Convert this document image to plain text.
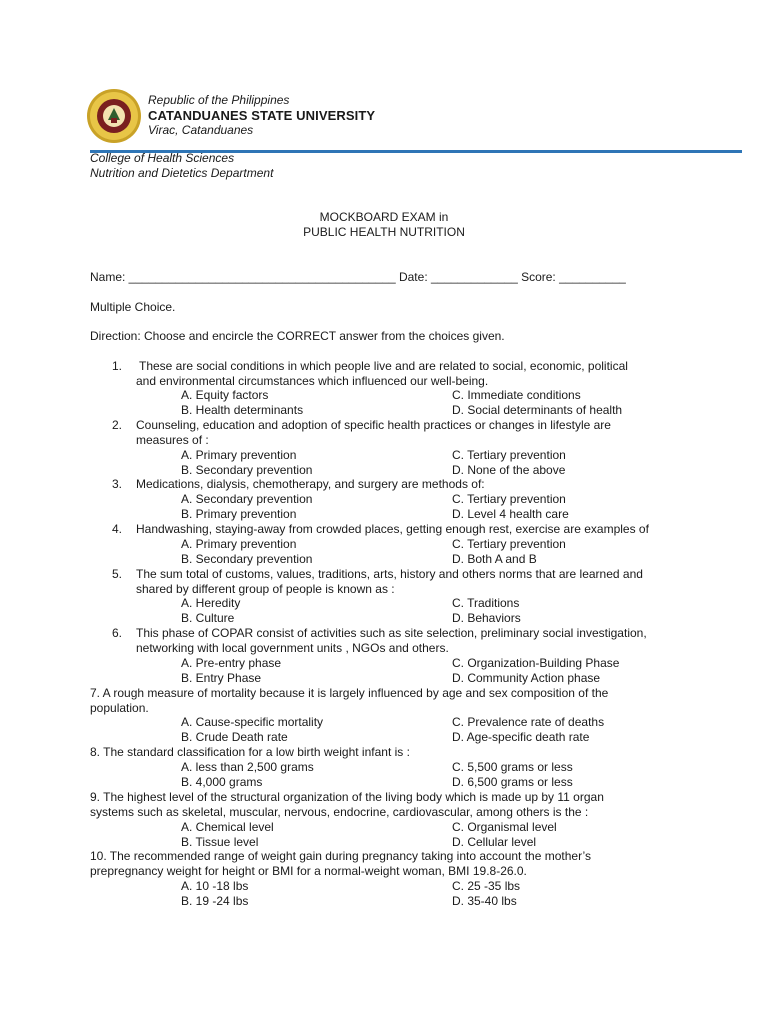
Republic of the Philippines
CATANDUANES STATE UNIVERSITY
Virac, Catanduanes
College of Health Sciences
Nutrition and Dietetics Department
MOCKBOARD EXAM in
PUBLIC HEALTH NUTRITION
Name: ________________________________________ Date: _____________ Score: __________
Multiple Choice.
Direction: Choose and encircle the CORRECT answer from the choices given.
1. These are social conditions in which people live and are related to social, economic, political
and environmental circumstances which influenced our well-being.
A. Equity factors	C. Immediate conditions
B. Health determinants	D. Social determinants of health
2. Counseling, education and adoption of specific health practices or changes in lifestyle are
measures of :
A. Primary prevention	C. Tertiary prevention
B. Secondary prevention	D. None of the above
3. Medications, dialysis, chemotherapy, and surgery are methods of:
A. Secondary prevention	C. Tertiary prevention
B. Primary prevention	D. Level 4 health care
4. Handwashing, staying-away from crowded places, getting enough rest, exercise are examples of
A. Primary prevention	C. Tertiary prevention
B. Secondary prevention	D. Both A and B
5. The sum total of customs, values, traditions, arts, history and others norms that are learned and
shared by different group of people is known as :
A. Heredity	C. Traditions
B. Culture	D. Behaviors
6. This phase of COPAR consist of activities such as site selection, preliminary social investigation,
networking with local government units , NGOs and others.
A. Pre-entry phase	C. Organization-Building Phase
B. Entry Phase	D. Community Action phase
7. A rough measure of mortality because it is largely influenced by age and sex composition of the
population.
A. Cause-specific mortality	C. Prevalence rate of deaths
B. Crude Death rate	D. Age-specific death rate
8. The standard classification for a low birth weight infant is :
A. less than 2,500 grams	C. 5,500 grams or less
B. 4,000 grams	D. 6,500 grams or less
9. The highest level of the structural organization of the living body which is made up by 11 organ
systems such as skeletal, muscular, nervous, endocrine, cardiovascular, among others is the :
A. Chemical level	C. Organismal level
B. Tissue level	D. Cellular level
10. The recommended range of weight gain during pregnancy taking into account the mother’s
prepregnancy weight for height or BMI for a normal-weight woman, BMI 19.8-26.0.
A. 10 -18 lbs	C. 25 -35 lbs
B. 19 -24 lbs	D. 35-40 lbs
